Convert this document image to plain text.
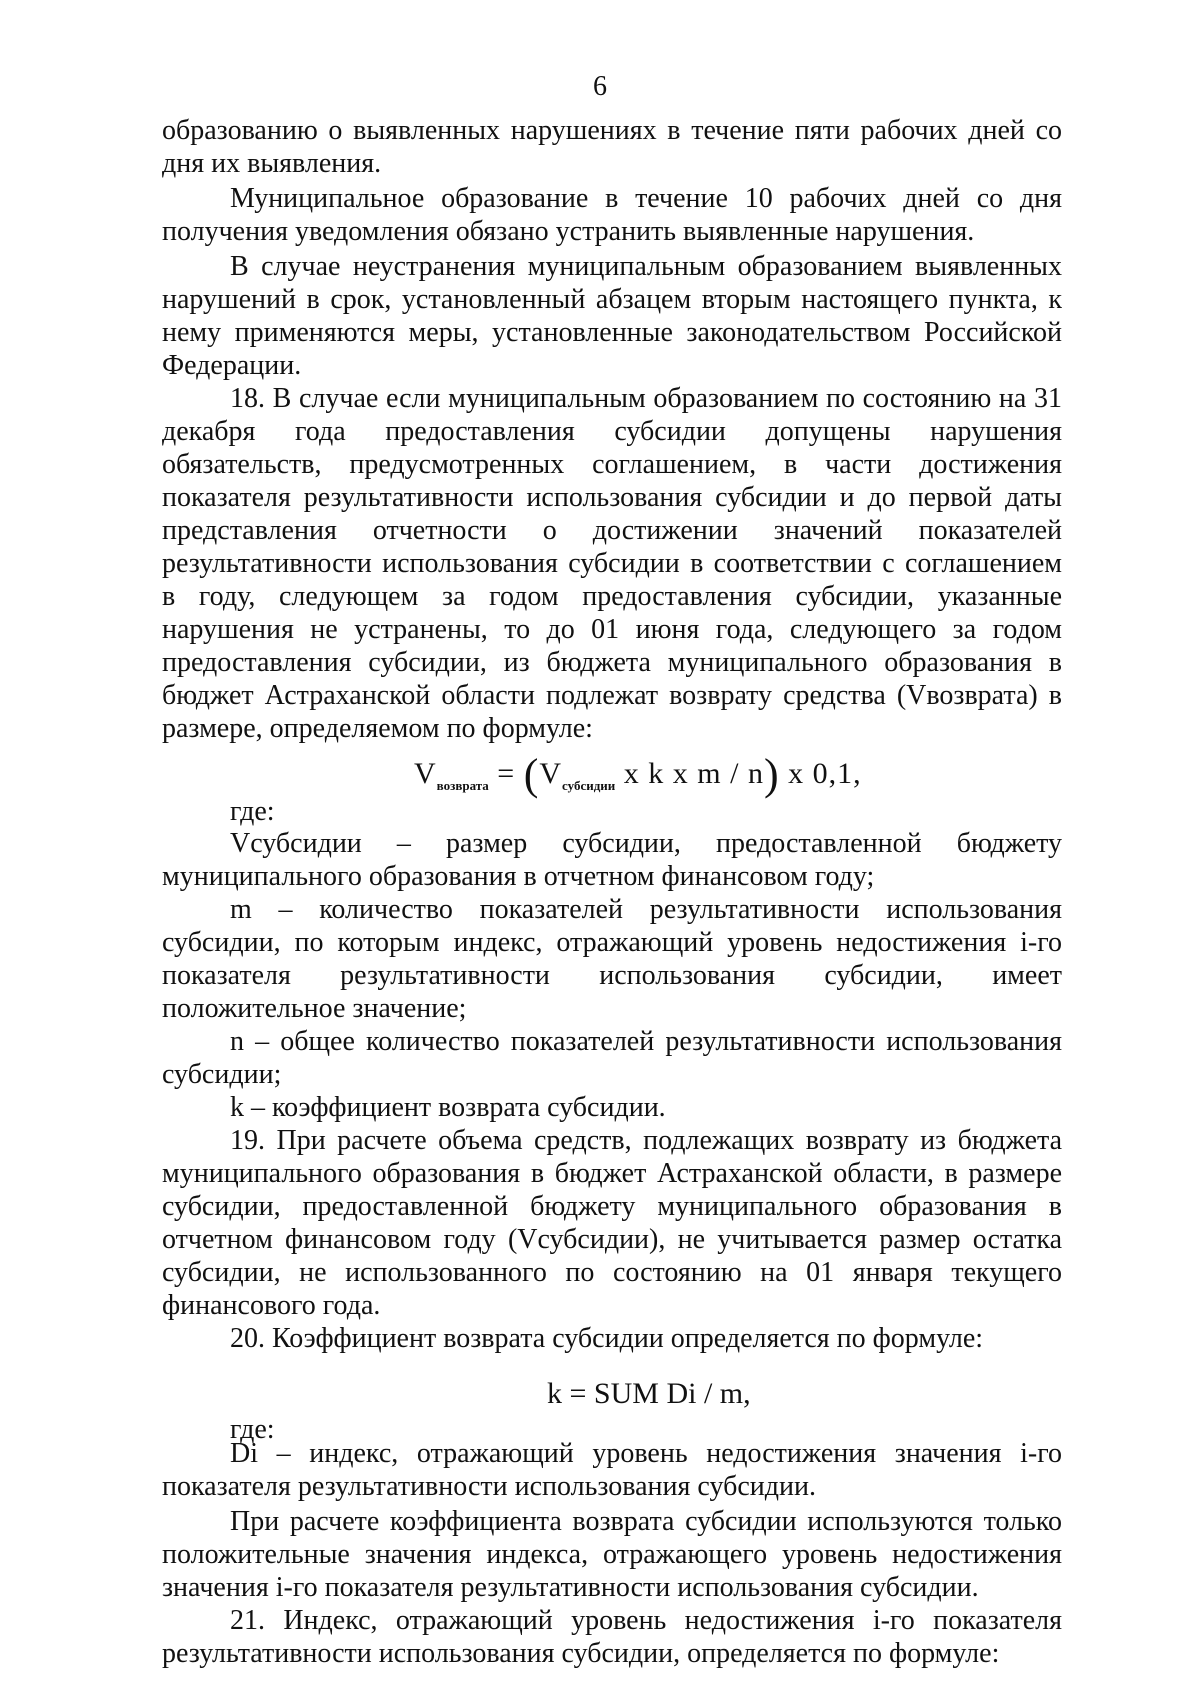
6

образованию о выявленных нарушениях в течение пяти рабочих дней со дня их выявления.

Муниципальное образование в течение 10 рабочих дней со дня получения уведомления обязано устранить выявленные нарушения.

В случае неустранения муниципальным образованием выявленных нарушений в срок, установленный абзацем вторым настоящего пункта, к нему применяются меры, установленные законодательством Российской Федерации.

18. В случае если муниципальным образованием по состоянию на 31 декабря года предоставления субсидии допущены нарушения обязательств, предусмотренных соглашением, в части достижения показателя результативности использования субсидии и до первой даты представления отчетности о достижении значений показателей результативности использования субсидии в соответствии с соглашением в году, следующем за годом предоставления субсидии, указанные нарушения не устранены, то до 01 июня года, следующего за годом предоставления субсидии, из бюджета муниципального образования в бюджет Астраханской области подлежат возврату средства (Vвозврата) в размере, определяемом по формуле:

$V_{возврата} = (V_{субсидии}$ x k x m / n) x 0,1,
где:

Vсубсидии – размер субсидии, предоставленной бюджету муниципального образования в отчетном финансовом году;

m – количество показателей результативности использования субсидии, по которым индекс, отражающий уровень недостижения i-го показателя результативности использования субсидии, имеет положительное значение;

n – общее количество показателей результативности использования субсидии;

k – коэффициент возврата субсидии.

19. При расчете объема средств, подлежащих возврату из бюджета муниципального образования в бюджет Астраханской области, в размере субсидии, предоставленной бюджету муниципального образования в отчетном финансовом году (Vсубсидии), не учитывается размер остатка субсидии, не использованного по состоянию на 01 января текущего финансового года.

20. Коэффициент возврата субсидии определяется по формуле:

k = SUM Di / m,
где:

Di – индекс, отражающий уровень недостижения значения i-го показателя результативности использования субсидии.

При расчете коэффициента возврата субсидии используются только положительные значения индекса, отражающего уровень недостижения значения i-го показателя результативности использования субсидии.

21. Индекс, отражающий уровень недостижения i-го показателя результативности использования субсидии, определяется по формуле:
